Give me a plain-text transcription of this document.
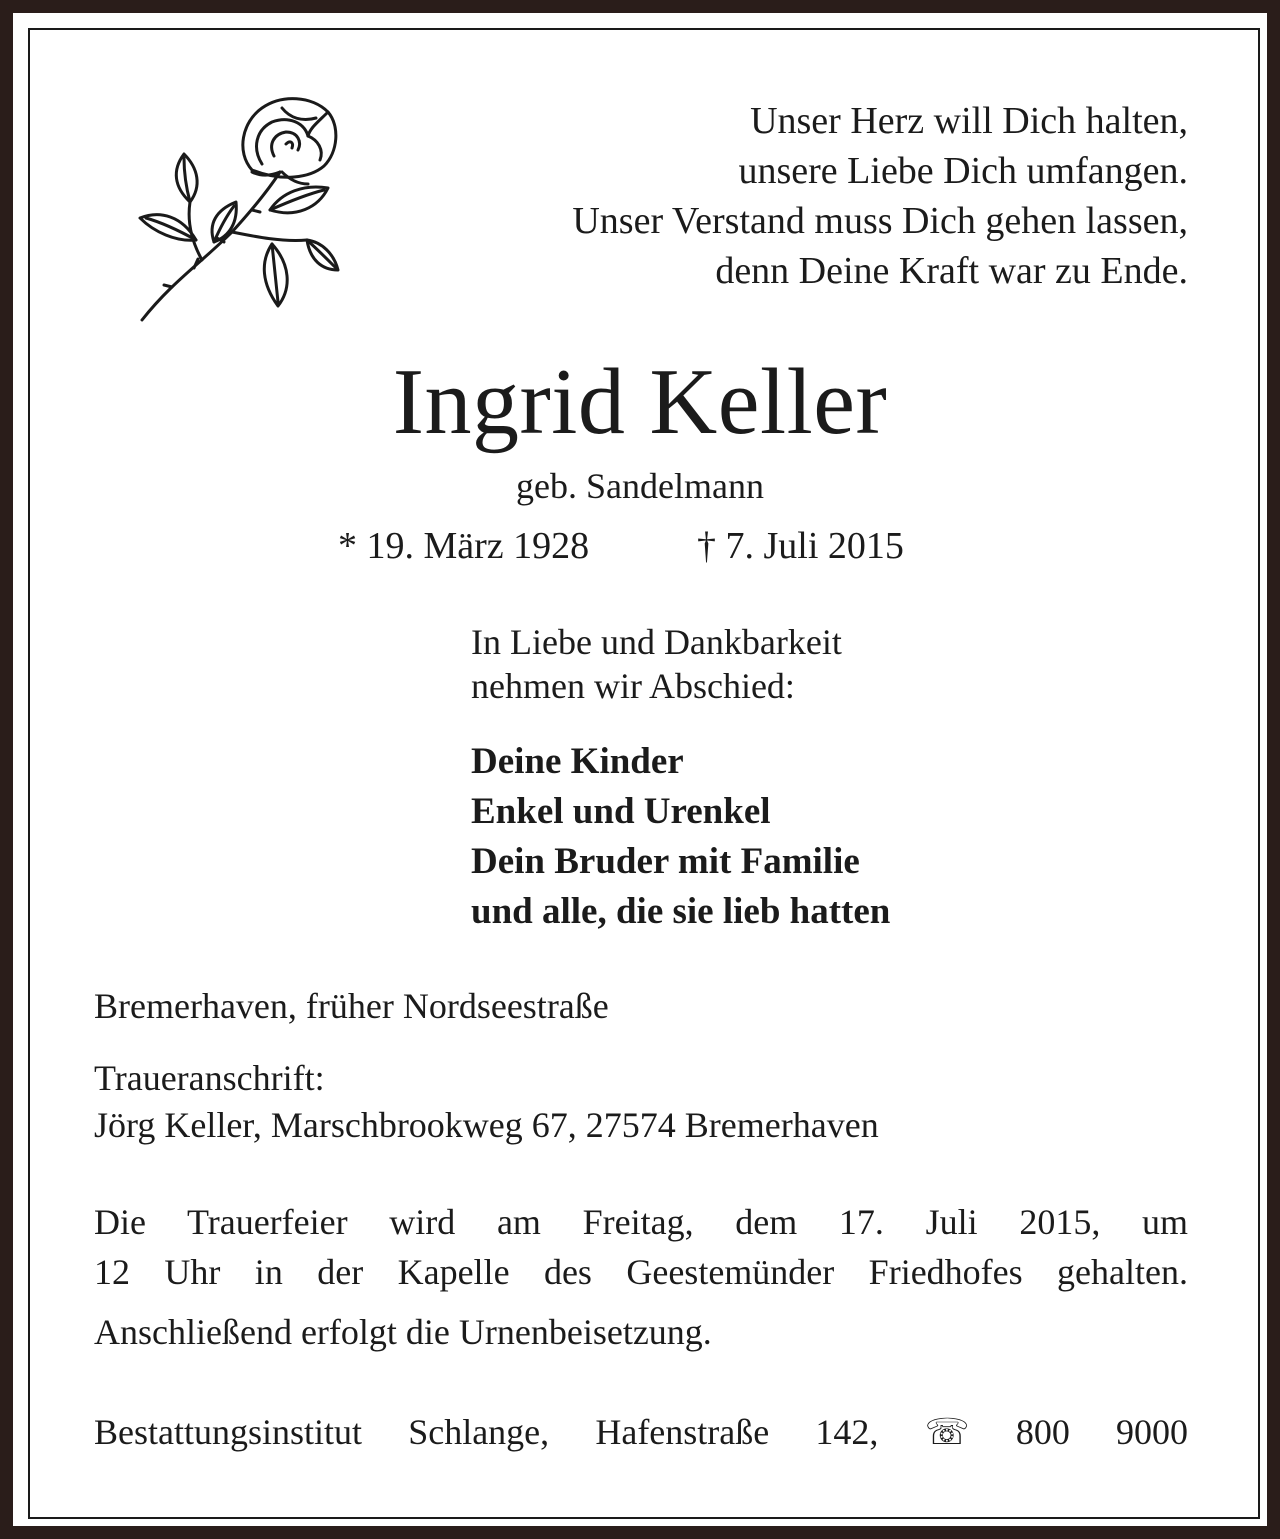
Unser Herz will Dich halten,
unsere Liebe Dich umfangen.
Unser Verstand muss Dich gehen lassen,
denn Deine Kraft war zu Ende.
Ingrid Keller
geb. Sandelmann
* 19. März 1928	† 7. Juli 2015
In Liebe und Dankbarkeit
nehmen wir Abschied:
Deine Kinder
Enkel und Urenkel
Dein Bruder mit Familie
und alle, die sie lieb hatten
Bremerhaven, früher Nordseestraße
Traueranschrift:
Jörg Keller, Marschbrookweg 67, 27574 Bremerhaven
Die Trauerfeier wird am Freitag, dem 17. Juli 2015, um
12 Uhr in der Kapelle des Geestemünder Friedhofes gehalten.
Anschließend erfolgt die Urnenbeisetzung.
Bestattungsinstitut Schlange, Hafenstraße 142, ☏ 800 9000
